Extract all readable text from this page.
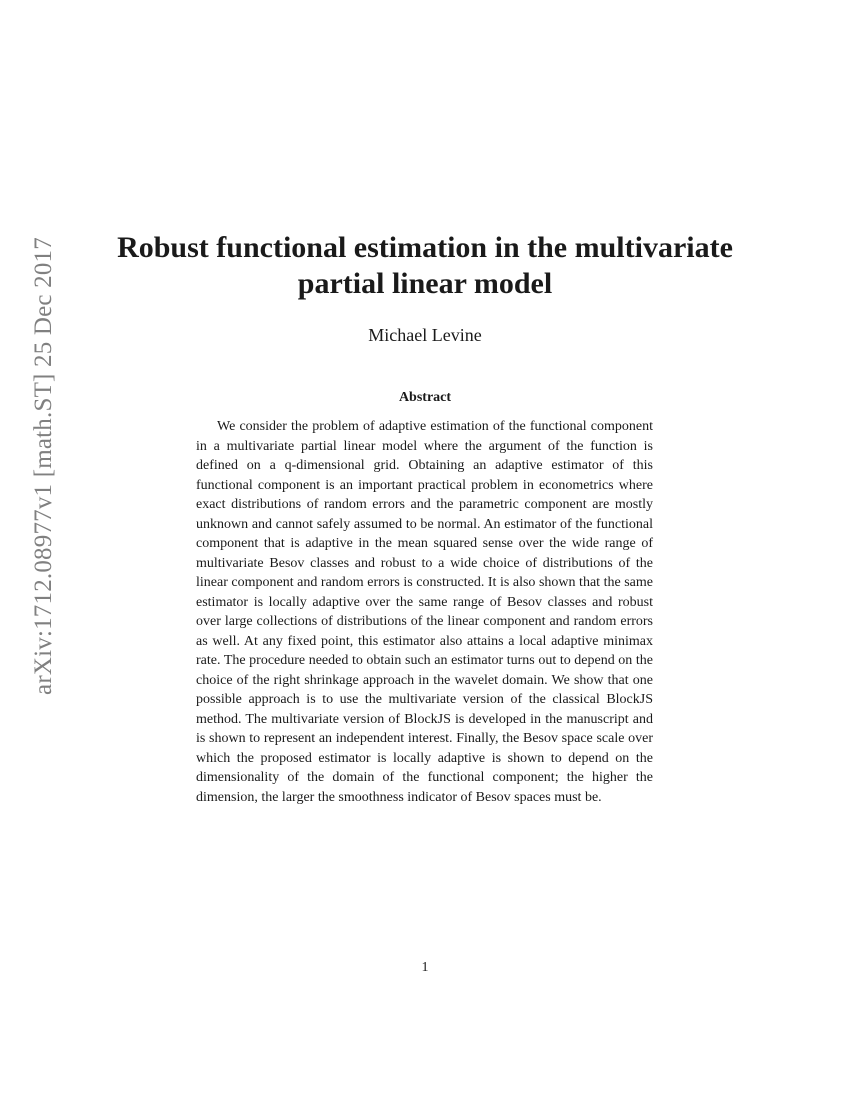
arXiv:1712.08977v1 [math.ST] 25 Dec 2017	Robust functional estimation in the multivariate partial linear model

Michael Levine

Abstract

We consider the problem of adaptive estimation of the functional component in a multivariate partial linear model where the argument of the function is defined on a q-dimensional grid. Obtaining an adaptive estimator of this functional component is an important practical problem in econometrics where exact distributions of random errors and the parametric component are mostly unknown and cannot safely assumed to be normal. An estimator of the functional component that is adaptive in the mean squared sense over the wide range of multivariate Besov classes and robust to a wide choice of distributions of the linear component and random errors is constructed. It is also shown that the same estimator is locally adaptive over the same range of Besov classes and robust over large collections of distributions of the linear component and random errors as well. At any fixed point, this estimator also attains a local adaptive minimax rate. The procedure needed to obtain such an estimator turns out to depend on the choice of the right shrinkage approach in the wavelet domain. We show that one possible approach is to use the multivariate version of the classical BlockJS method. The multivariate version of BlockJS is developed in the manuscript and is shown to represent an independent interest. Finally, the Besov space scale over which the proposed estimator is locally adaptive is shown to depend on the dimensionality of the domain of the functional component; the higher the dimension, the larger the smoothness indicator of Besov spaces must be.

1
